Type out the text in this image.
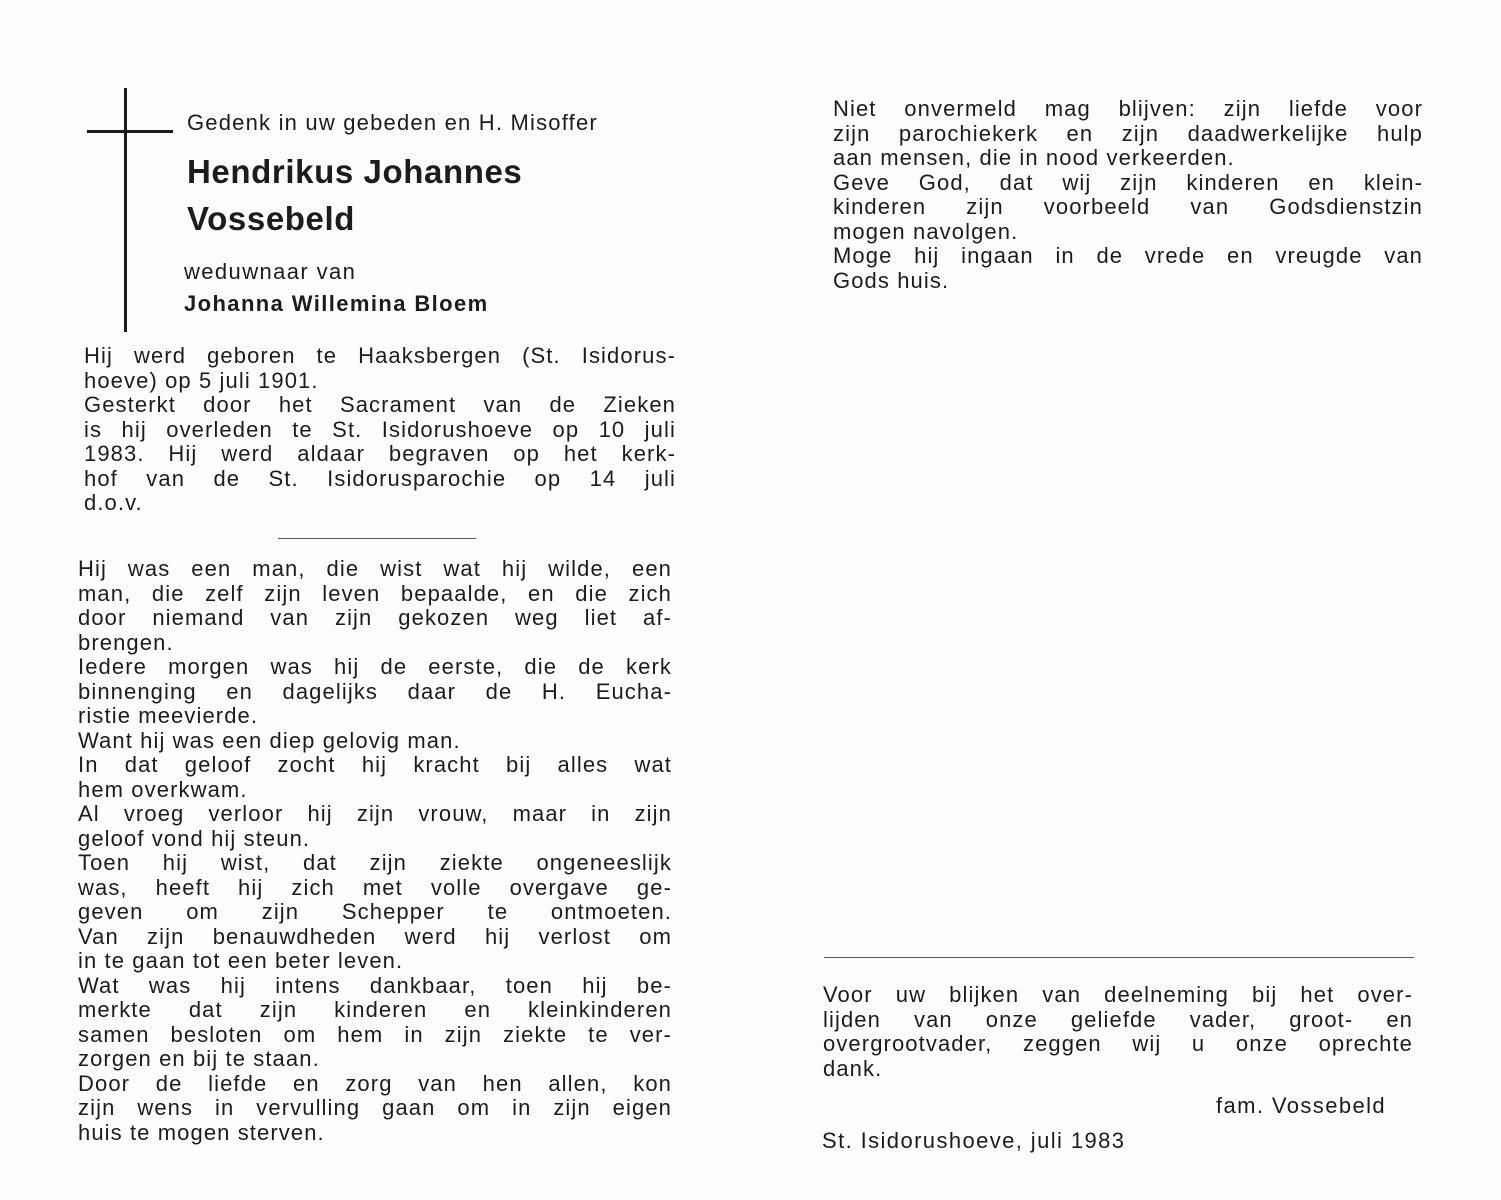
Gedenk in uw gebeden en H. Misoffer
Hendrikus Johannes
Vossebeld
weduwnaar van
Johanna Willemina Bloem
Hij werd geboren te Haaksbergen (St. Isidorus-
hoeve) op 5 juli 1901.
Gesterkt door het Sacrament van de Zieken
is hij overleden te St. Isidorushoeve op 10 juli
1983. Hij werd aldaar begraven op het kerk-
hof van de St. Isidorusparochie op 14 juli
d.o.v.
Hij was een man, die wist wat hij wilde, een
man, die zelf zijn leven bepaalde, en die zich
door niemand van zijn gekozen weg liet af-
brengen.
Iedere morgen was hij de eerste, die de kerk
binnenging en dagelijks daar de H. Eucha-
ristie meevierde.
Want hij was een diep gelovig man.
In dat geloof zocht hij kracht bij alles wat
hem overkwam.
Al vroeg verloor hij zijn vrouw, maar in zijn
geloof vond hij steun.
Toen hij wist, dat zijn ziekte ongeneeslijk
was, heeft hij zich met volle overgave ge-
geven om zijn Schepper te ontmoeten.
Van zijn benauwdheden werd hij verlost om
in te gaan tot een beter leven.
Wat was hij intens dankbaar, toen hij be-
merkte dat zijn kinderen en kleinkinderen
samen besloten om hem in zijn ziekte te ver-
zorgen en bij te staan.
Door de liefde en zorg van hen allen, kon
zijn wens in vervulling gaan om in zijn eigen
huis te mogen sterven.
Niet onvermeld mag blijven: zijn liefde voor
zijn parochiekerk en zijn daadwerkelijke hulp
aan mensen, die in nood verkeerden.
Geve God, dat wij zijn kinderen en klein-
kinderen zijn voorbeeld van Godsdienstzin
mogen navolgen.
Moge hij ingaan in de vrede en vreugde van
Gods huis.
Voor uw blijken van deelneming bij het over-
lijden van onze geliefde vader, groot- en
overgrootvader, zeggen wij u onze oprechte
dank.
fam. Vossebeld
St. Isidorushoeve, juli 1983
